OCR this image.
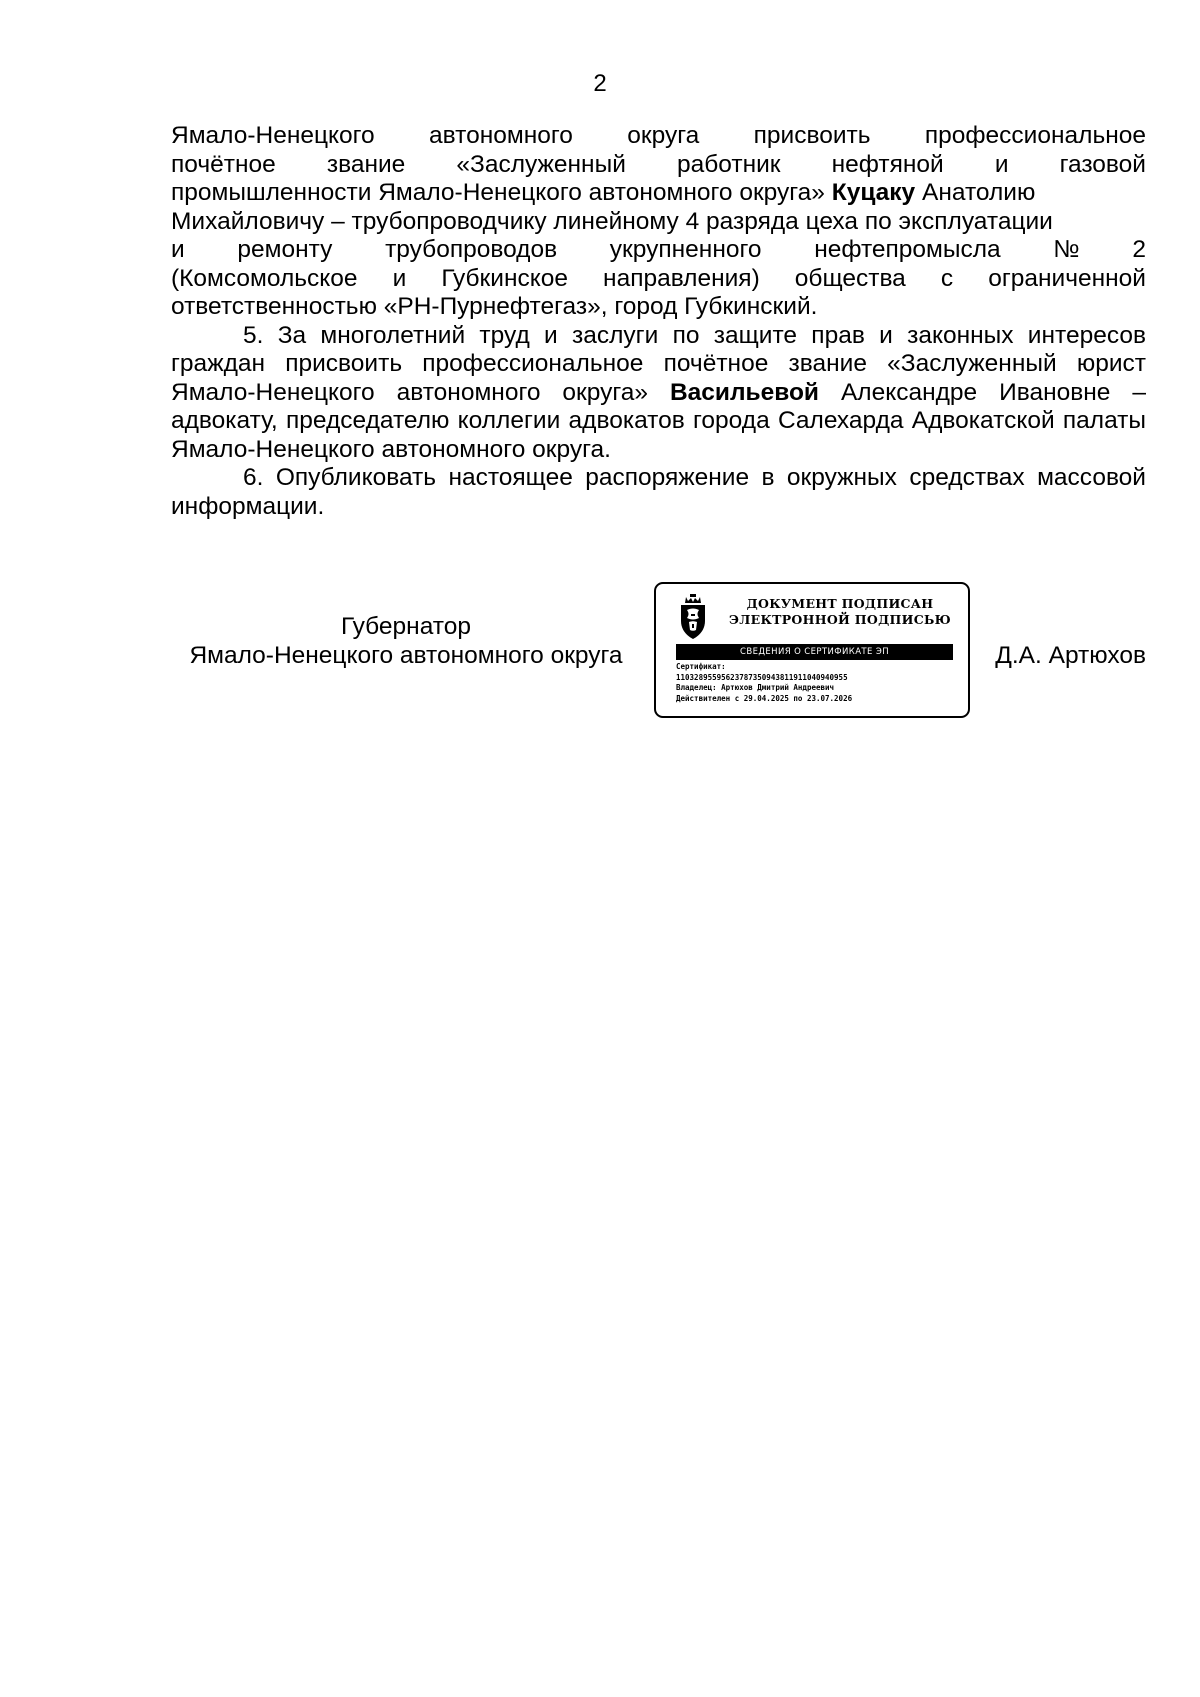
2
Ямало-Ненецкого автономного округа присвоить профессиональное
почётное звание «Заслуженный работник нефтяной и газовой
промышленности Ямало-Ненецкого автономного округа» Куцаку Анатолию
Михайловичу – трубопроводчику линейному 4 разряда цеха по эксплуатации
и ремонту трубопроводов укрупненного нефтепромысла № 2
(Комсомольское и Губкинское направления) общества с ограниченной
ответственностью «РН-Пурнефтегаз», город Губкинский.

5. За многолетний труд и заслуги по защите прав и законных интересов граждан присвоить профессиональное почётное звание «Заслуженный юрист Ямало-Ненецкого автономного округа» Васильевой Александре Ивановне – адвокату, председателю коллегии адвокатов города Салехарда Адвокатской палаты Ямало-Ненецкого автономного округа.

6. Опубликовать настоящее распоряжение в окружных средствах массовой информации.

Губернатор
Ямало-Ненецкого автономного округа
ДОКУМЕНТ ПОДПИСАН
ЭЛЕКТРОННОЙ ПОДПИСЬЮ
СВЕДЕНИЯ О СЕРТИФИКАТЕ ЭП
Сертификат:
11032895595623787350943811911040940955
Владелец: Артюхов Дмитрий Андреевич
Действителен с 29.04.2025 по 23.07.2026
Д.А. Артюхов
